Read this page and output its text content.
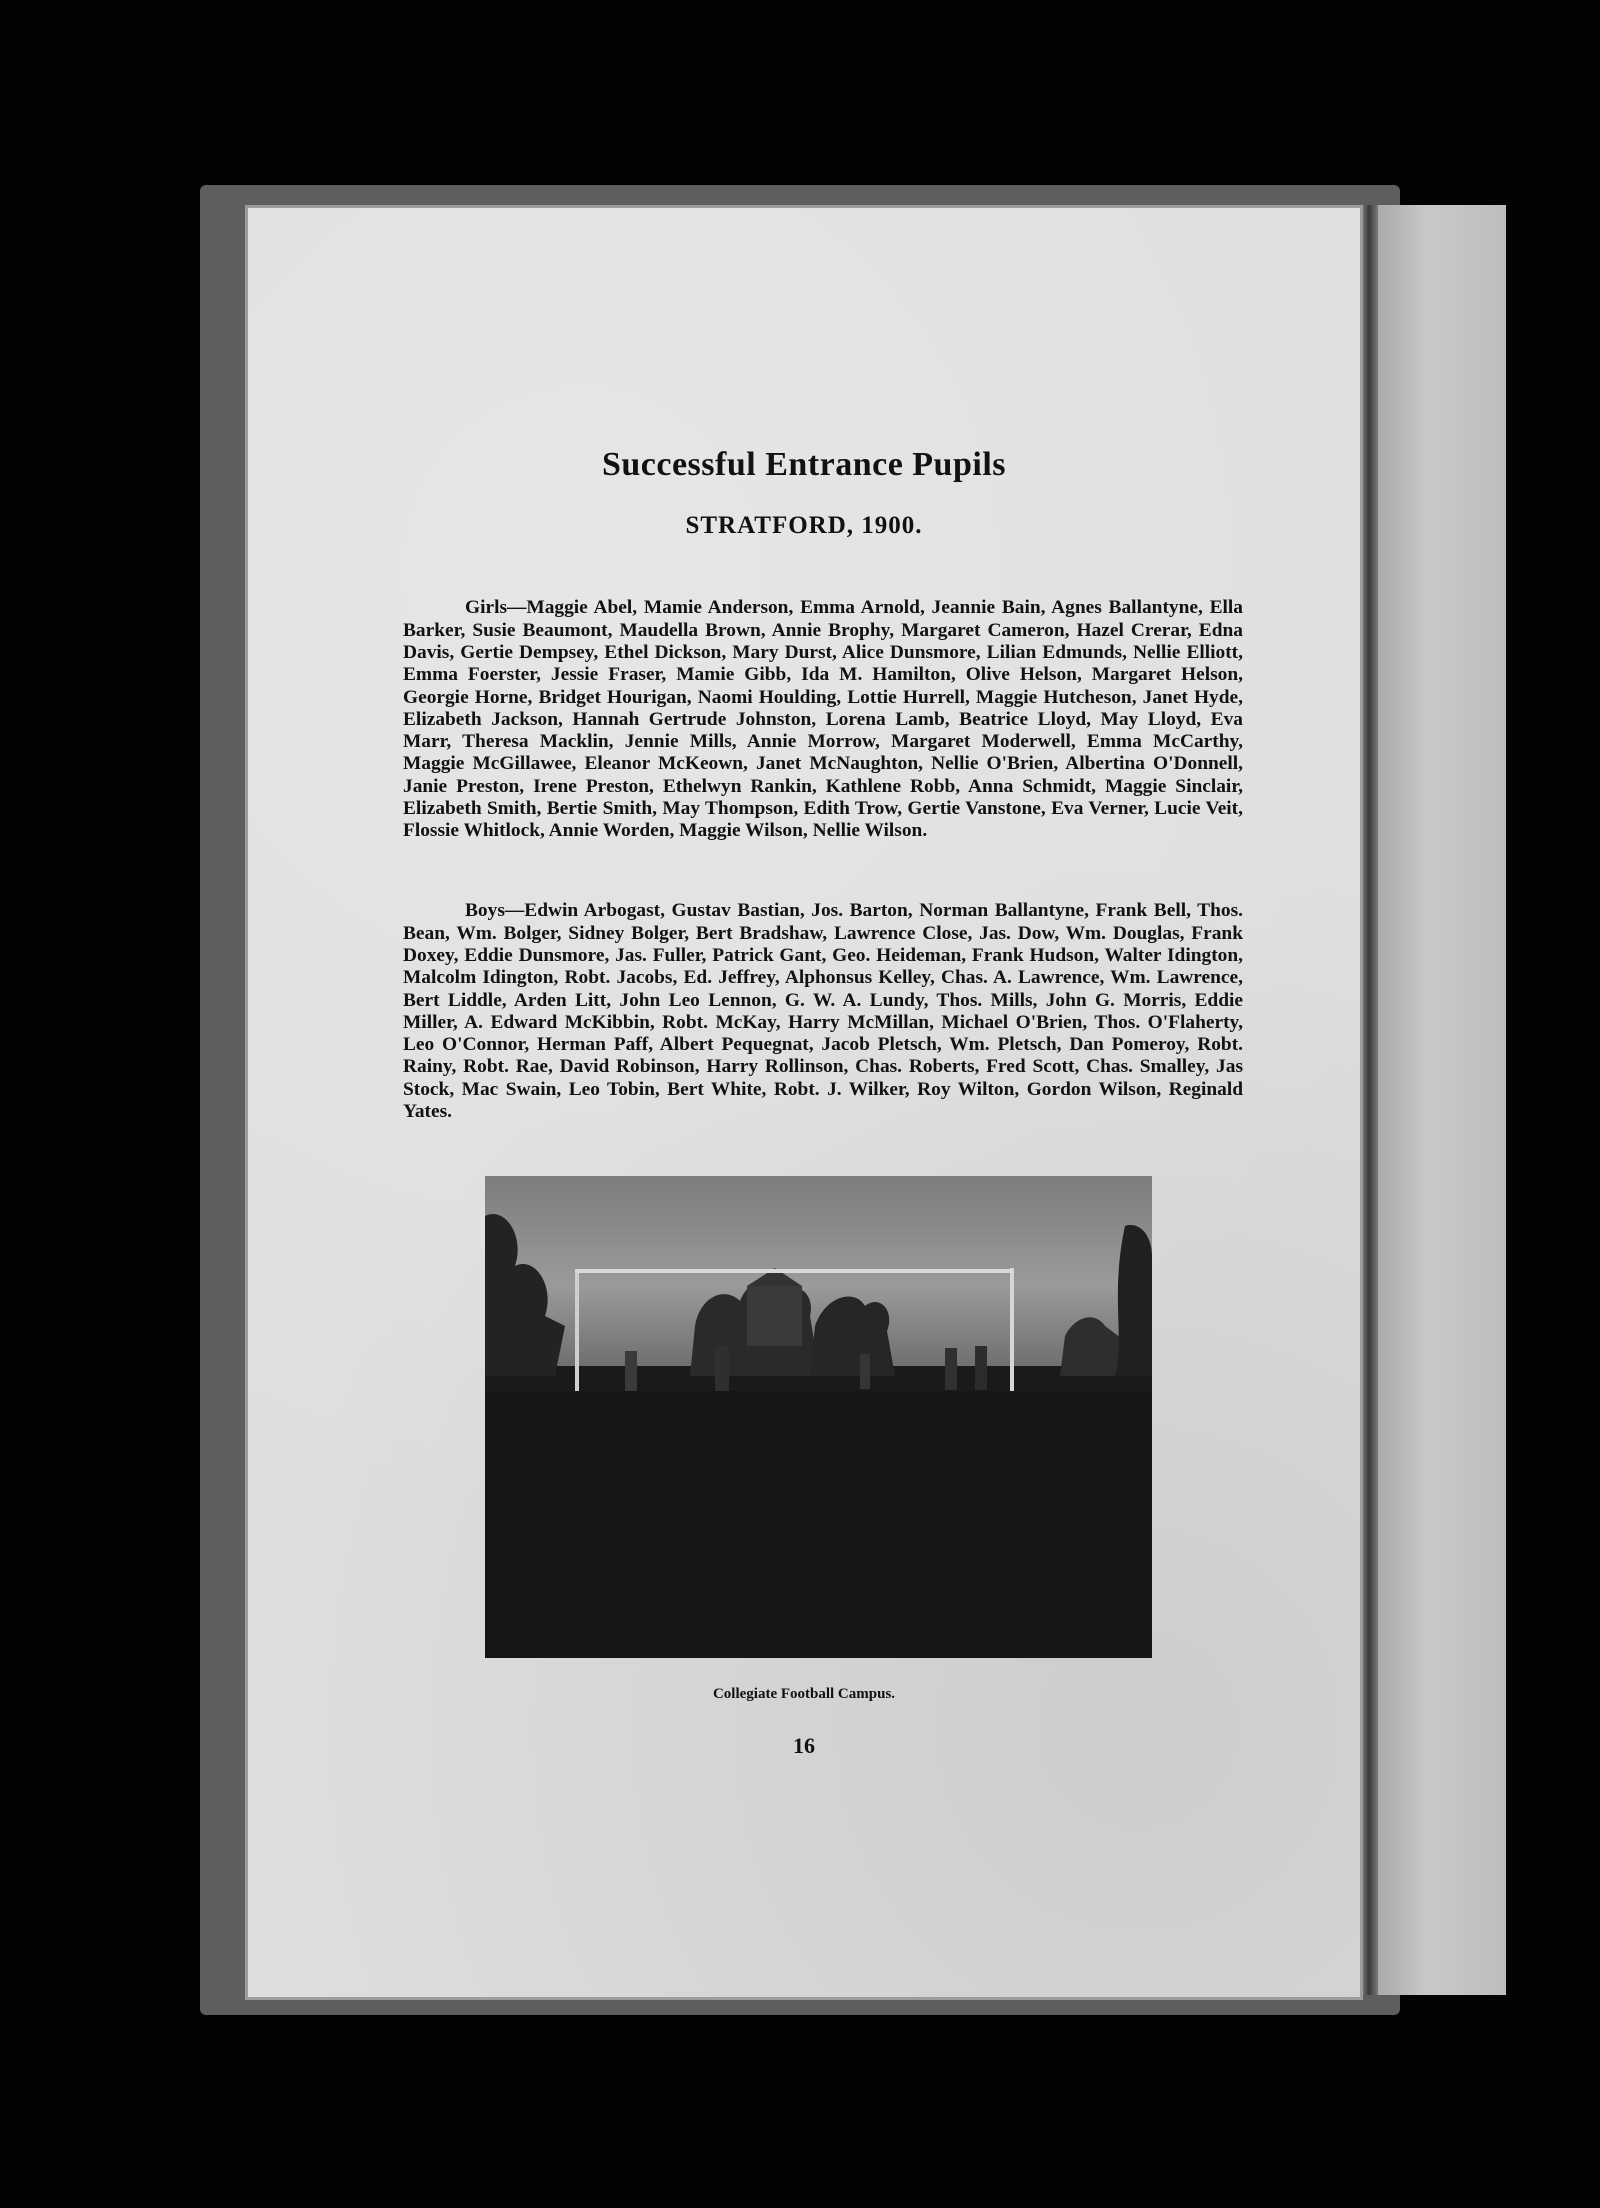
Successful Entrance Pupils
STRATFORD, 1900.

Girls—Maggie Abel, Mamie Anderson, Emma Arnold, Jeannie Bain, Agnes Ballantyne, Ella Barker, Susie Beaumont, Maudella Brown, Annie Brophy, Margaret Cameron, Hazel Crerar, Edna Davis, Gertie Dempsey, Ethel Dickson, Mary Durst, Alice Dunsmore, Lilian Edmunds, Nellie Elliott, Emma Foerster, Jessie Fraser, Mamie Gibb, Ida M. Hamilton, Olive Helson, Margaret Helson, Georgie Horne, Bridget Hourigan, Naomi Houlding, Lottie Hurrell, Maggie Hutcheson, Janet Hyde, Elizabeth Jackson, Hannah Gertrude Johnston, Lorena Lamb, Beatrice Lloyd, May Lloyd, Eva Marr, Theresa Macklin, Jennie Mills, Annie Morrow, Margaret Moderwell, Emma McCarthy, Maggie McGillawee, Eleanor McKeown, Janet McNaughton, Nellie O'Brien, Albertina O'Donnell, Janie Preston, Irene Preston, Ethelwyn Rankin, Kathlene Robb, Anna Schmidt, Maggie Sinclair, Elizabeth Smith, Bertie Smith, May Thompson, Edith Trow, Gertie Vanstone, Eva Verner, Lucie Veit, Flossie Whitlock, Annie Worden, Maggie Wilson, Nellie Wilson.

Boys—Edwin Arbogast, Gustav Bastian, Jos. Barton, Norman Ballantyne, Frank Bell, Thos. Bean, Wm. Bolger, Sidney Bolger, Bert Bradshaw, Lawrence Close, Jas. Dow, Wm. Douglas, Frank Doxey, Eddie Dunsmore, Jas. Fuller, Patrick Gant, Geo. Heideman, Frank Hudson, Walter Idington, Malcolm Idington, Robt. Jacobs, Ed. Jeffrey, Alphonsus Kelley, Chas. A. Lawrence, Wm. Lawrence, Bert Liddle, Arden Litt, John Leo Lennon, G. W. A. Lundy, Thos. Mills, John G. Morris, Eddie Miller, A. Edward McKibbin, Robt. McKay, Harry McMillan, Michael O'Brien, Thos. O'Flaherty, Leo O'Connor, Herman Paff, Albert Pequegnat, Jacob Pletsch, Wm. Pletsch, Dan Pomeroy, Robt. Rainy, Robt. Rae, David Robinson, Harry Rollinson, Chas. Roberts, Fred Scott, Chas. Smalley, Jas Stock, Mac Swain, Leo Tobin, Bert White, Robt. J. Wilker, Roy Wilton, Gordon Wilson, Reginald Yates.

Collegiate Football Campus.
16
